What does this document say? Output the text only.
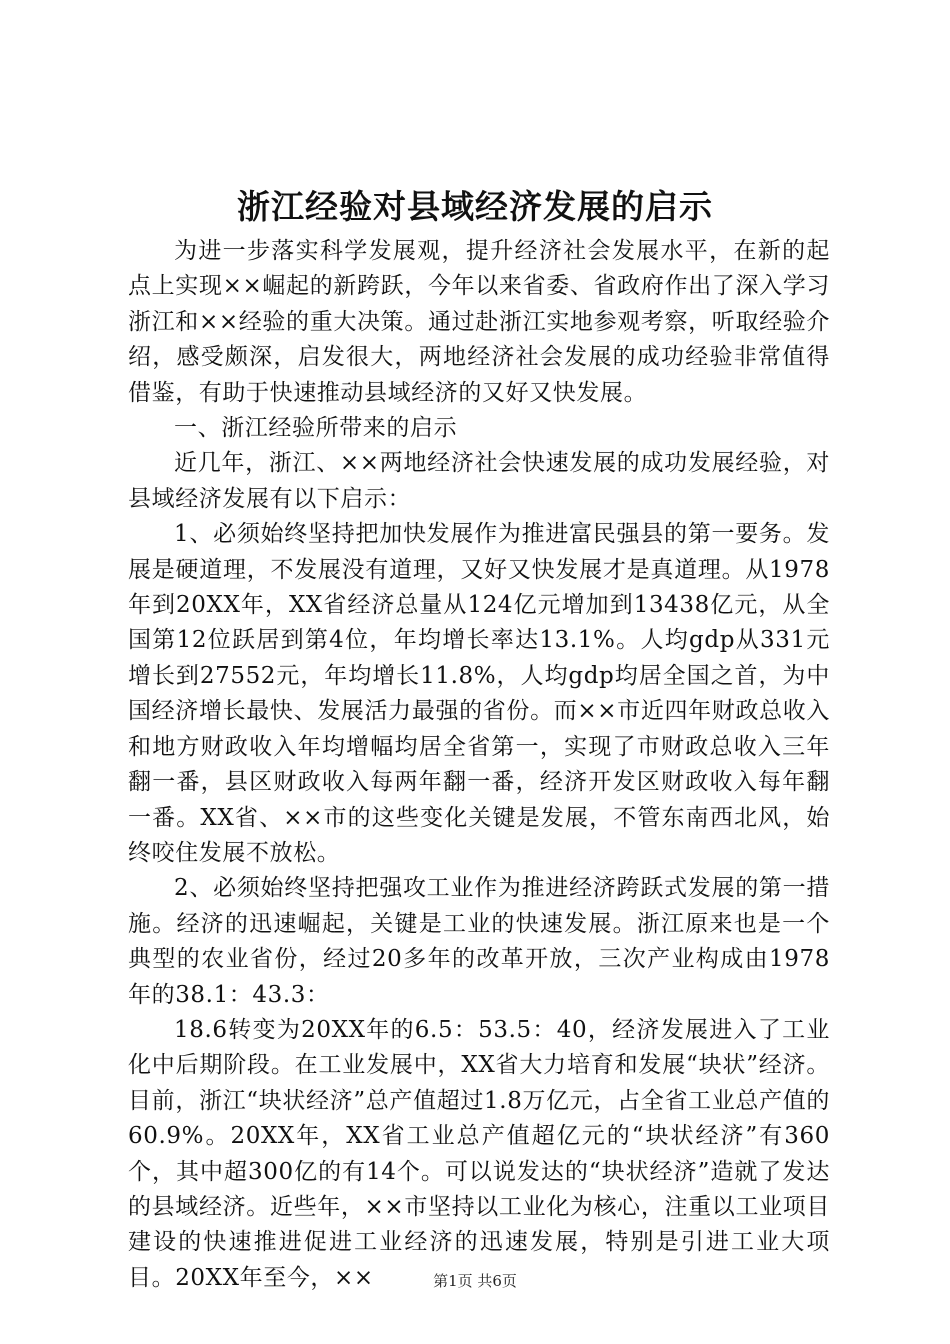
浙江经验对县域经济发展的启示

为进一步落实科学发展观，提升经济社会发展水平，在新的起点上实现××崛起的新跨跃，今年以来省委、省政府作出了深入学习浙江和××经验的重大决策。通过赴浙江实地参观考察，听取经验介绍，感受颇深，启发很大，两地经济社会发展的成功经验非常值得借鉴，有助于快速推动县域经济的又好又快发展。

一、浙江经验所带来的启示

近几年，浙江、××两地经济社会快速发展的成功发展经验，对县域经济发展有以下启示：

1、必须始终坚持把加快发展作为推进富民强县的第一要务。发展是硬道理，不发展没有道理，又好又快发展才是真道理。从1978年到20XX年，XX省经济总量从124亿元增加到13438亿元，从全国第12位跃居到第4位，年均增长率达13.1%。人均gdp从331元增长到27552元，年均增长11.8%，人均gdp均居全国之首，为中国经济增长最快、发展活力最强的省份。而××市近四年财政总收入和地方财政收入年均增幅均居全省第一，实现了市财政总收入三年翻一番，县区财政收入每两年翻一番，经济开发区财政收入每年翻一番。XX省、××市的这些变化关键是发展，不管东南西北风，始终咬住发展不放松。

2、必须始终坚持把强攻工业作为推进经济跨跃式发展的第一措施。经济的迅速崛起，关键是工业的快速发展。浙江原来也是一个典型的农业省份，经过20多年的改革开放，三次产业构成由1978年的38.1：43.3：

18.6转变为20XX年的6.5：53.5：40，经济发展进入了工业化中后期阶段。在工业发展中，XX省大力培育和发展“块状”经济。目前，浙江“块状经济”总产值超过1.8万亿元，占全省工业总产值的60.9%。20XX年，XX省工业总产值超亿元的“块状经济”有360个，其中超300亿的有14个。可以说发达的“块状经济”造就了发达的县域经济。近些年，××市坚持以工业化为核心，注重以工业项目建设的快速推进促进工业经济的迅速发展，特别是引进工业大项目。20XX年至今，××	第1页 共6页
